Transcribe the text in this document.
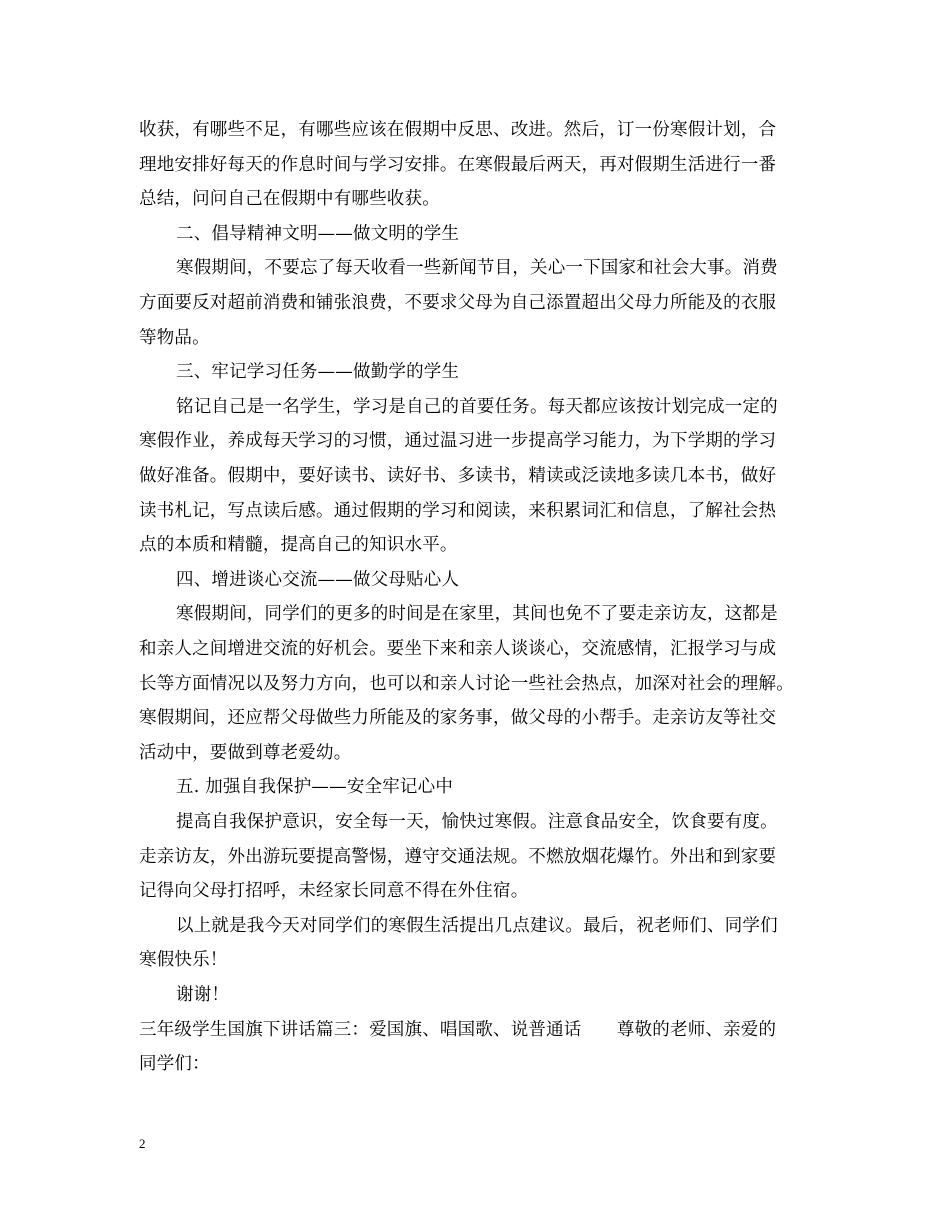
收获，有哪些不足，有哪些应该在假期中反思、改进。然后，订一份寒假计划，合
理地安排好每天的作息时间与学习安排。在寒假最后两天，再对假期生活进行一番
总结，问问自己在假期中有哪些收获。
二、倡导精神文明——做文明的学生
寒假期间，不要忘了每天收看一些新闻节目，关心一下国家和社会大事。消费
方面要反对超前消费和铺张浪费，不要求父母为自己添置超出父母力所能及的衣服
等物品。
三、牢记学习任务——做勤学的学生
铭记自己是一名学生，学习是自己的首要任务。每天都应该按计划完成一定的
寒假作业，养成每天学习的习惯，通过温习进一步提高学习能力，为下学期的学习
做好准备。假期中，要好读书、读好书、多读书，精读或泛读地多读几本书，做好
读书札记，写点读后感。通过假期的学习和阅读，来积累词汇和信息，了解社会热
点的本质和精髓，提高自己的知识水平。
四、增进谈心交流——做父母贴心人
寒假期间，同学们的更多的时间是在家里，其间也免不了要走亲访友，这都是
和亲人之间增进交流的好机会。要坐下来和亲人谈谈心，交流感情，汇报学习与成
长等方面情况以及努力方向，也可以和亲人讨论一些社会热点，加深对社会的理解。
寒假期间，还应帮父母做些力所能及的家务事，做父母的小帮手。走亲访友等社交
活动中，要做到尊老爱幼。
五. 加强自我保护——安全牢记心中
提高自我保护意识，安全每一天，愉快过寒假。注意食品安全，饮食要有度。
走亲访友，外出游玩要提高警惕，遵守交通法规。不燃放烟花爆竹。外出和到家要
记得向父母打招呼，未经家长同意不得在外住宿。
以上就是我今天对同学们的寒假生活提出几点建议。最后，祝老师们、同学们
寒假快乐！
谢谢！
三年级学生国旗下讲话篇三：爱国旗、唱国歌、说普通话　　尊敬的老师、亲爱的
同学们：
2
